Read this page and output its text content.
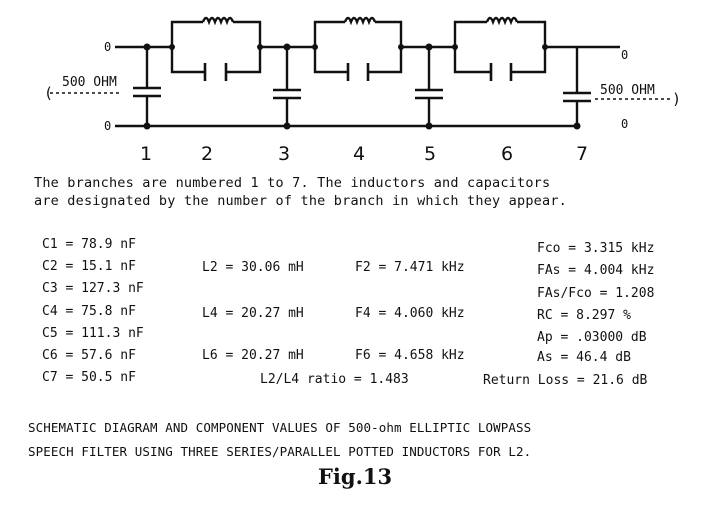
0
0
0
0
(
500 OHM
500 OHM )
1	2	3	4	5	6	7
The branches are numbered 1 to 7. The inductors and capacitors
are designated by the number of the branch in which they appear.
C1 = 78.9 nF
C2 = 15.1 nF
C3 = 127.3 nF
C4 = 75.8 nF
C5 = 111.3 nF
C6 = 57.6 nF
C7 = 50.5 nF
L2 = 30.06 mH	F2 = 7.471 kHz
L4 = 20.27 mH	F4 = 4.060 kHz
L6 = 20.27 mH	F6 = 4.658 kHz
L2/L4 ratio = 1.483
Fco = 3.315 kHz
FAs = 4.004 kHz
FAs/Fco = 1.208
RC = 8.297 %
Ap = .03000 dB
As = 46.4 dB
Return Loss = 21.6 dB
SCHEMATIC DIAGRAM AND COMPONENT VALUES OF 500-ohm ELLIPTIC LOWPASS
SPEECH FILTER USING THREE SERIES/PARALLEL POTTED INDUCTORS FOR L2.
Fig.13
